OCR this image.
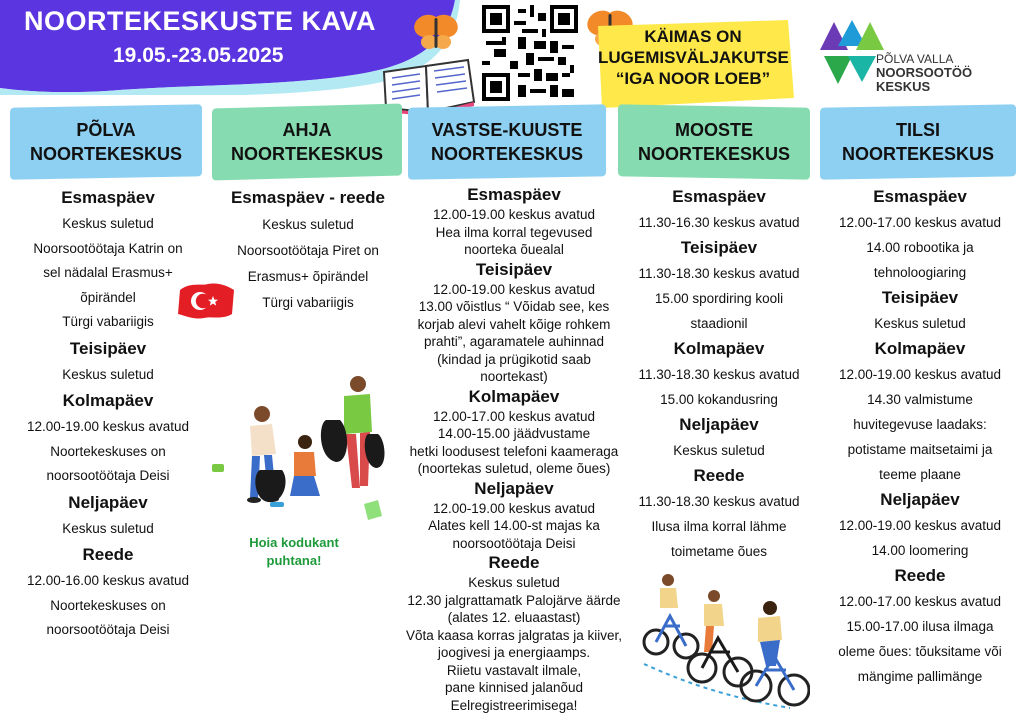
NOORTEKESKUSTE KAVA
19.05.-23.05.2025
KÄIMAS ON LUGEMISVÄLJAKUTSE “IGA NOOR LOEB”
PÕLVA VALLA
NOORSOOTÖÖ
KESKUS
PÕLVA
NOORTEKESKUS
AHJA
NOORTEKESKUS
VASTSE-KUUSTE
NOORTEKESKUS
MOOSTE
NOORTEKESKUS
TILSI
NOORTEKESKUS
Esmaspäev
Keskus suletud
Noorsootöötaja Katrin on
sel nädalal Erasmus+
õpirändel
Türgi vabariigis
Teisipäev
Keskus suletud
Kolmapäev
12.00-19.00 keskus avatud
Noortekeskuses on
noorsootöötaja Deisi
Neljapäev
Keskus suletud
Reede
12.00-16.00 keskus avatud
Noortekeskuses on
noorsootöötaja Deisi
Esmaspäev - reede
Keskus suletud
Noorsootöötaja Piret on
Erasmus+ õpirändel
Türgi vabariigis
Hoia kodukant puhtana!
Esmaspäev
12.00-19.00 keskus avatud
Hea ilma korral tegevused
noorteka õuealal
Teisipäev
12.00-19.00 keskus avatud
13.00 võistlus “ Võidab see, kes
korjab alevi vahelt kõige rohkem
prahti”, agaramatele auhinnad
(kindad ja prügikotid saab
noortekast)
Kolmapäev
12.00-17.00 keskus avatud
14.00-15.00 jäädvustame
hetki loodusest telefoni kaameraga
(noortekas suletud, oleme õues)
Neljapäev
12.00-19.00 keskus avatud
Alates kell 14.00-st majas ka
noorsootöötaja Deisi
Reede
Keskus suletud
12.30 jalgrattamatk Palojärve äärde
(alates 12. eluaastast)
Võta kaasa korras jalgratas ja kiiver,
joogivesi ja energiaamps.
Riietu vastavalt ilmale,
pane kinnised jalanõud
Eelregistreerimisega!
Esmaspäev
11.30-16.30 keskus avatud
Teisipäev
11.30-18.30 keskus avatud
15.00 spordiring kooli
staadionil
Kolmapäev
11.30-18.30 keskus avatud
15.00 kokandusring
Neljapäev
Keskus suletud
Reede
11.30-18.30 keskus avatud
Ilusa ilma korral lähme
toimetame õues
Esmaspäev
12.00-17.00 keskus avatud
14.00 robootika ja
tehnoloogiaring
Teisipäev
Keskus suletud
Kolmapäev
12.00-19.00 keskus avatud
14.30 valmistume
huvitegevuse laadaks:
potistame maitsetaimi ja
teeme plaane
Neljapäev
12.00-19.00 keskus avatud
14.00 loomering
Reede
12.00-17.00 keskus avatud
15.00-17.00 ilusa ilmaga
oleme õues: tõuksitame või
mängime pallimänge
